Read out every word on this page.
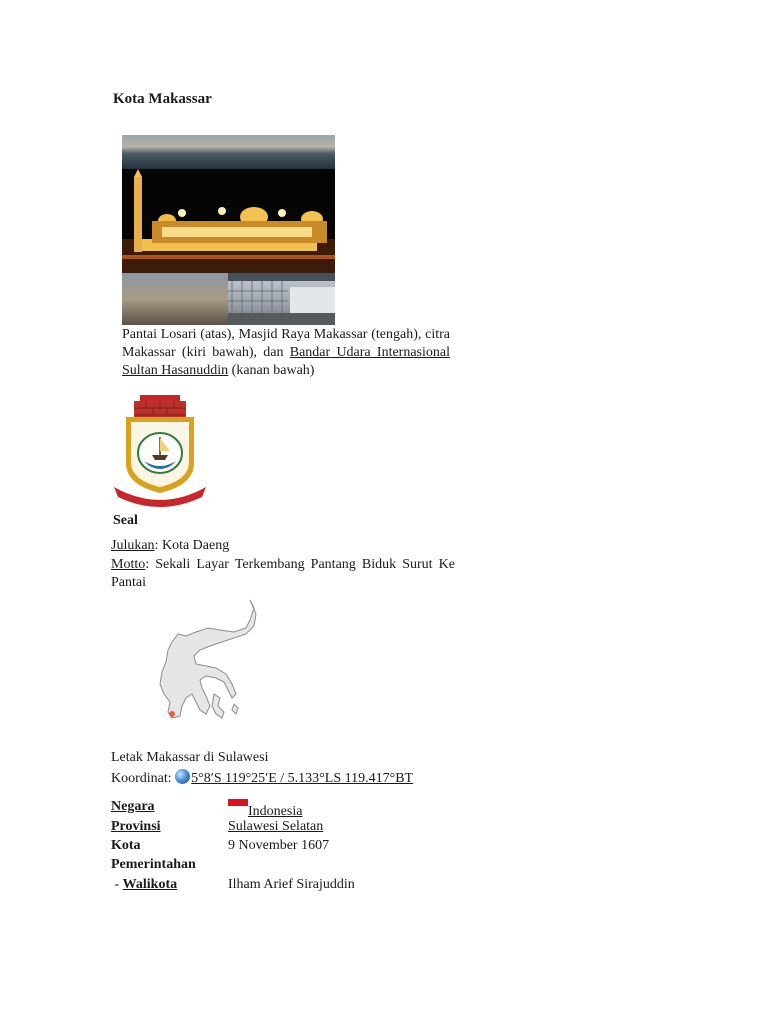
Kota Makassar
Pantai Losari (atas), Masjid Raya Makassar (tengah), citra Makassar (kiri bawah), dan Bandar Udara Internasional Sultan Hasanuddin (kanan bawah)
Seal
Julukan: Kota Daeng
Motto: Sekali Layar Terkembang Pantang Biduk Surut Ke Pantai
Letak Makassar di Sulawesi
Koordinat: 5°8′S 119°25′E / 5.133°LS 119.417°BT
Negara	Indonesia
Provinsi	Sulawesi Selatan
Kota	9 November 1607
Pemerintahan
- Walikota	Ilham Arief Sirajuddin
